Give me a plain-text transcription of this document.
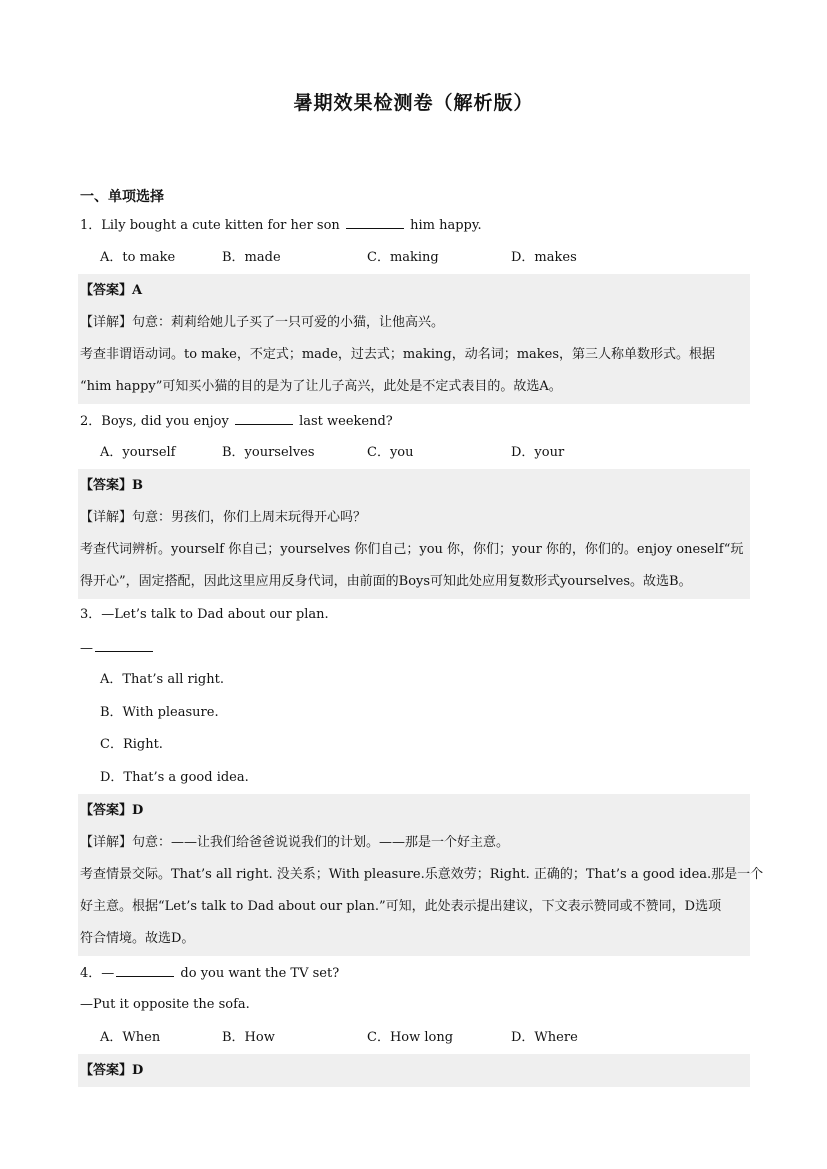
暑期效果检测卷（解析版）
一、单项选择
1．Lily bought a cute kitten for her son	him happy.
A．to make	B．made	C．making	D．makes
【答案】A
【详解】句意：莉莉给她儿子买了一只可爱的小猫，让他高兴。
考查非谓语动词。to make，不定式；made，过去式；making，动名词；makes，第三人称单数形式。根据
“him happy”可知买小猫的目的是为了让儿子高兴，此处是不定式表目的。故选A。
2．Boys, did you enjoy	last weekend?
A．yourself	B．yourselves	C．you	D．your
【答案】B
【详解】句意：男孩们，你们上周末玩得开心吗？
考查代词辨析。yourself 你自己；yourselves 你们自己；you 你，你们；your 你的，你们的。enjoy oneself“玩
得开心”，固定搭配，因此这里应用反身代词，由前面的Boys可知此处应用复数形式yourselves。故选B。
3．—Let’s talk to Dad about our plan.
—
A．That’s all right.
B．With pleasure.
C．Right.
D．That’s a good idea.
【答案】D
【详解】句意：——让我们给爸爸说说我们的计划。——那是一个好主意。
考查情景交际。That’s all right. 没关系；With pleasure.乐意效劳；Right. 正确的；That’s a good idea.那是一个
好主意。根据“Let’s talk to Dad about our plan.”可知，此处表示提出建议，下文表示赞同或不赞同，D选项
符合情境。故选D。
4．—	do you want the TV set?
—Put it opposite the sofa.
A．When	B．How	C．How long	D．Where
【答案】D
